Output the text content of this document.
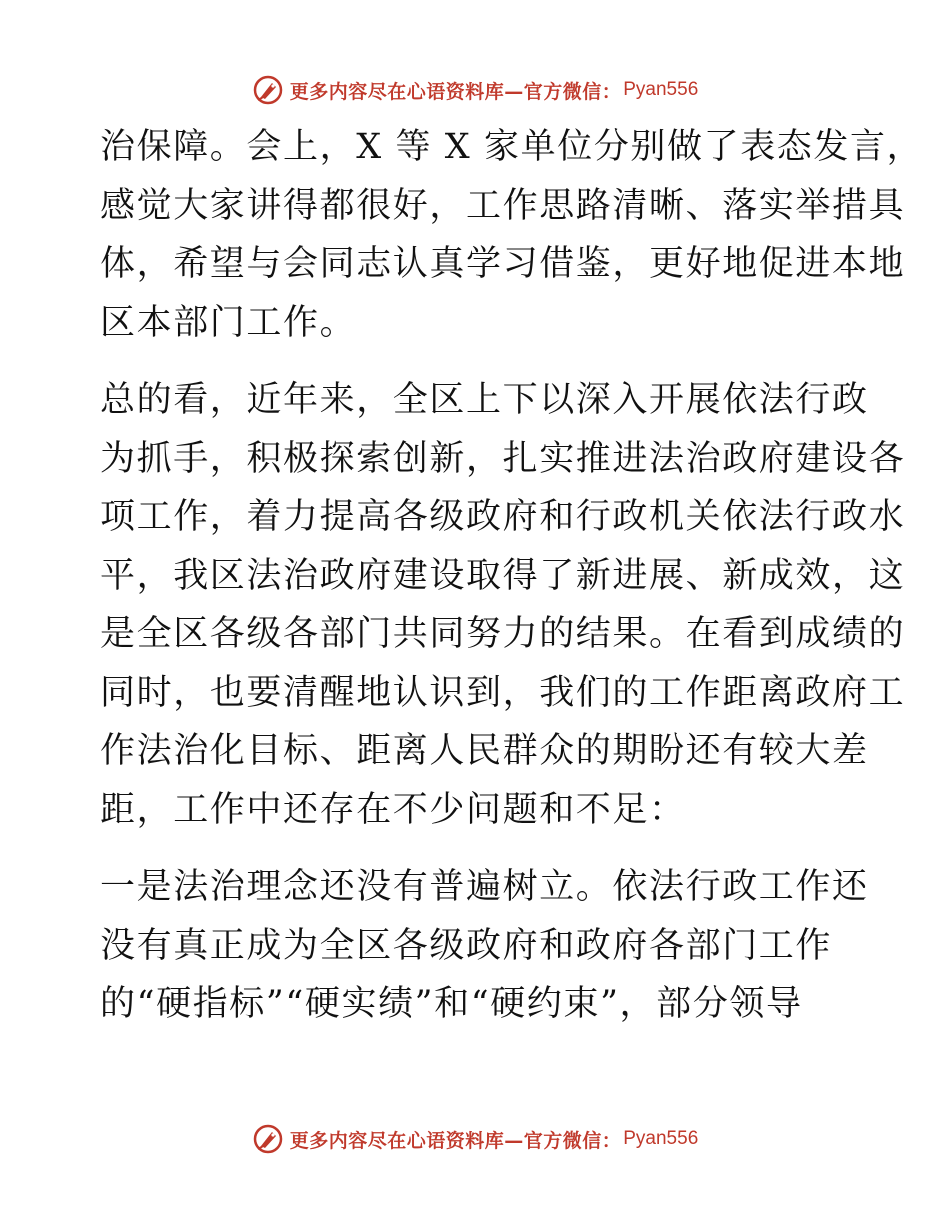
更多内容尽在心语资料库—官方微信： Pyan556

治保障。会上，X 等 X 家单位分别做了表态发言，
感觉大家讲得都很好，工作思路清晰、落实举措具
体，希望与会同志认真学习借鉴，更好地促进本地
区本部门工作。

总的看，近年来，全区上下以深入开展依法行政
为抓手，积极探索创新，扎实推进法治政府建设各
项工作，着力提高各级政府和行政机关依法行政水
平，我区法治政府建设取得了新进展、新成效，这
是全区各级各部门共同努力的结果。在看到成绩的
同时，也要清醒地认识到，我们的工作距离政府工
作法治化目标、距离人民群众的期盼还有较大差
距，工作中还存在不少问题和不足：

一是法治理念还没有普遍树立。依法行政工作还
没有真正成为全区各级政府和政府各部门工作
的“硬指标”“硬实绩”和“硬约束”，部分领导

更多内容尽在心语资料库—官方微信： Pyan556
